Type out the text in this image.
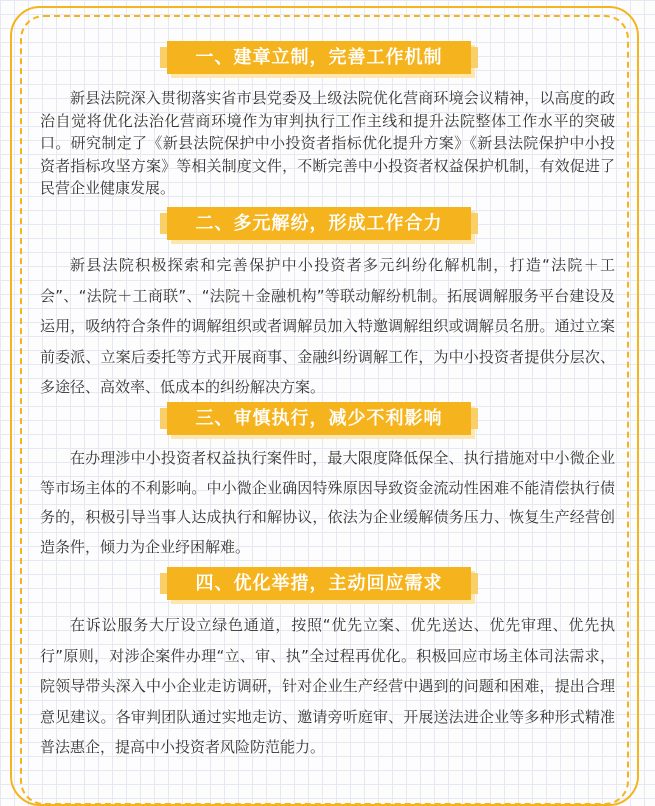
一、建章立制，完善工作机制

新县法院深入贯彻落实省市县党委及上级法院优化营商环境会议精神，以高度的政治自觉将优化法治化营商环境作为审判执行工作主线和提升法院整体工作水平的突破口。研究制定了《新县法院保护中小投资者指标优化提升方案》《新县法院保护中小投资者指标攻坚方案》等相关制度文件，不断完善中小投资者权益保护机制，有效促进了民营企业健康发展。

二、多元解纷，形成工作合力

新县法院积极探索和完善保护中小投资者多元纠纷化解机制，打造“法院＋工会”、“法院＋工商联”、“法院＋金融机构”等联动解纷机制。拓展调解服务平台建设及运用，吸纳符合条件的调解组织或者调解员加入特邀调解组织或调解员名册。通过立案前委派、立案后委托等方式开展商事、金融纠纷调解工作，为中小投资者提供分层次、多途径、高效率、低成本的纠纷解决方案。

三、审慎执行，减少不利影响

在办理涉中小投资者权益执行案件时，最大限度降低保全、执行措施对中小微企业等市场主体的不利影响。中小微企业确因特殊原因导致资金流动性困难不能清偿执行债务的，积极引导当事人达成执行和解协议，依法为企业缓解债务压力、恢复生产经营创造条件，倾力为企业纾困解难。

四、优化举措，主动回应需求

在诉讼服务大厅设立绿色通道，按照“优先立案、优先送达、优先审理、优先执行”原则，对涉企案件办理“立、审、执”全过程再优化。积极回应市场主体司法需求，院领导带头深入中小企业走访调研，针对企业生产经营中遇到的问题和困难，提出合理意见建议。各审判团队通过实地走访、邀请旁听庭审、开展送法进企业等多种形式精准普法惠企，提高中小投资者风险防范能力。
